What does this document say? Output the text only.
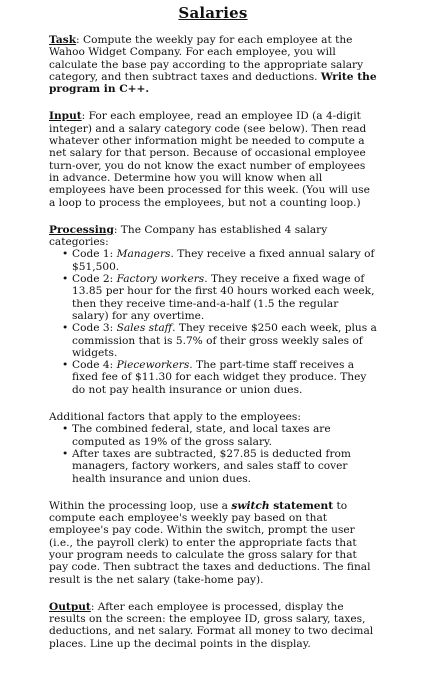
Salaries

Task: Compute the weekly pay for each employee at the Wahoo Widget Company. For each employee, you will calculate the base pay according to the appropriate salary category, and then subtract taxes and deductions. Write the program in C++.

Input: For each employee, read an employee ID (a 4-digit integer) and a salary category code (see below). Then read whatever other information might be needed to compute a net salary for that person. Because of occasional employee turn-over, you do not know the exact number of employees in advance. Determine how you will know when all employees have been processed for this week. (You will use a loop to process the employees, but not a counting loop.)

Processing: The Company has established 4 salary categories:
• Code 1: Managers. They receive a fixed annual salary of $51,500.
• Code 2: Factory workers. They receive a fixed wage of 13.85 per hour for the first 40 hours worked each week, then they receive time-and-a-half (1.5 the regular salary) for any overtime.
• Code 3: Sales staff. They receive $250 each week, plus a commission that is 5.7% of their gross weekly sales of widgets.
• Code 4: Pieceworkers. The part-time staff receives a fixed fee of $11.30 for each widget they produce. They do not pay health insurance or union dues.
Additional factors that apply to the employees:
• The combined federal, state, and local taxes are computed as 19% of the gross salary.
• After taxes are subtracted, $27.85 is deducted from managers, factory workers, and sales staff to cover health insurance and union dues.

Within the processing loop, use a switch statement to compute each employee's weekly pay based on that employee's pay code. Within the switch, prompt the user (i.e., the payroll clerk) to enter the appropriate facts that your program needs to calculate the gross salary for that pay code. Then subtract the taxes and deductions. The final result is the net salary (take-home pay).

Output: After each employee is processed, display the results on the screen: the employee ID, gross salary, taxes, deductions, and net salary. Format all money to two decimal places. Line up the decimal points in the display.
